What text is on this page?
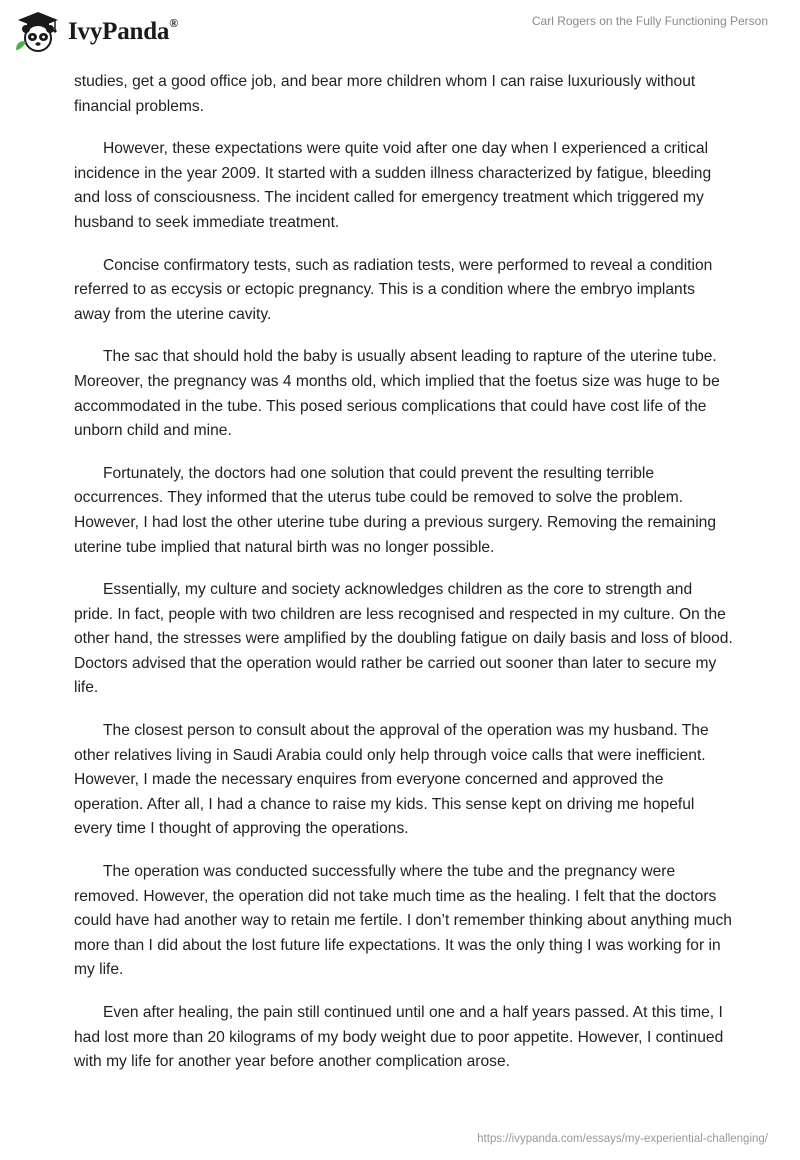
IvyPanda®	Carl Rogers on the Fully Functioning Person

studies, get a good office job, and bear more children whom I can raise luxuriously without financial problems.

However, these expectations were quite void after one day when I experienced a critical incidence in the year 2009. It started with a sudden illness characterized by fatigue, bleeding and loss of consciousness. The incident called for emergency treatment which triggered my husband to seek immediate treatment.

Concise confirmatory tests, such as radiation tests, were performed to reveal a condition referred to as eccysis or ectopic pregnancy. This is a condition where the embryo implants away from the uterine cavity.

The sac that should hold the baby is usually absent leading to rapture of the uterine tube. Moreover, the pregnancy was 4 months old, which implied that the foetus size was huge to be accommodated in the tube. This posed serious complications that could have cost life of the unborn child and mine.

Fortunately, the doctors had one solution that could prevent the resulting terrible occurrences. They informed that the uterus tube could be removed to solve the problem. However, I had lost the other uterine tube during a previous surgery. Removing the remaining uterine tube implied that natural birth was no longer possible.

Essentially, my culture and society acknowledges children as the core to strength and pride. In fact, people with two children are less recognised and respected in my culture. On the other hand, the stresses were amplified by the doubling fatigue on daily basis and loss of blood. Doctors advised that the operation would rather be carried out sooner than later to secure my life.

The closest person to consult about the approval of the operation was my husband. The other relatives living in Saudi Arabia could only help through voice calls that were inefficient. However, I made the necessary enquires from everyone concerned and approved the operation. After all, I had a chance to raise my kids. This sense kept on driving me hopeful every time I thought of approving the operations.

The operation was conducted successfully where the tube and the pregnancy were removed. However, the operation did not take much time as the healing. I felt that the doctors could have had another way to retain me fertile. I don’t remember thinking about anything much more than I did about the lost future life expectations. It was the only thing I was working for in my life.

Even after healing, the pain still continued until one and a half years passed. At this time, I had lost more than 20 kilograms of my body weight due to poor appetite. However, I continued with my life for another year before another complication arose.

https://ivypanda.com/essays/my-experiential-challenging/
